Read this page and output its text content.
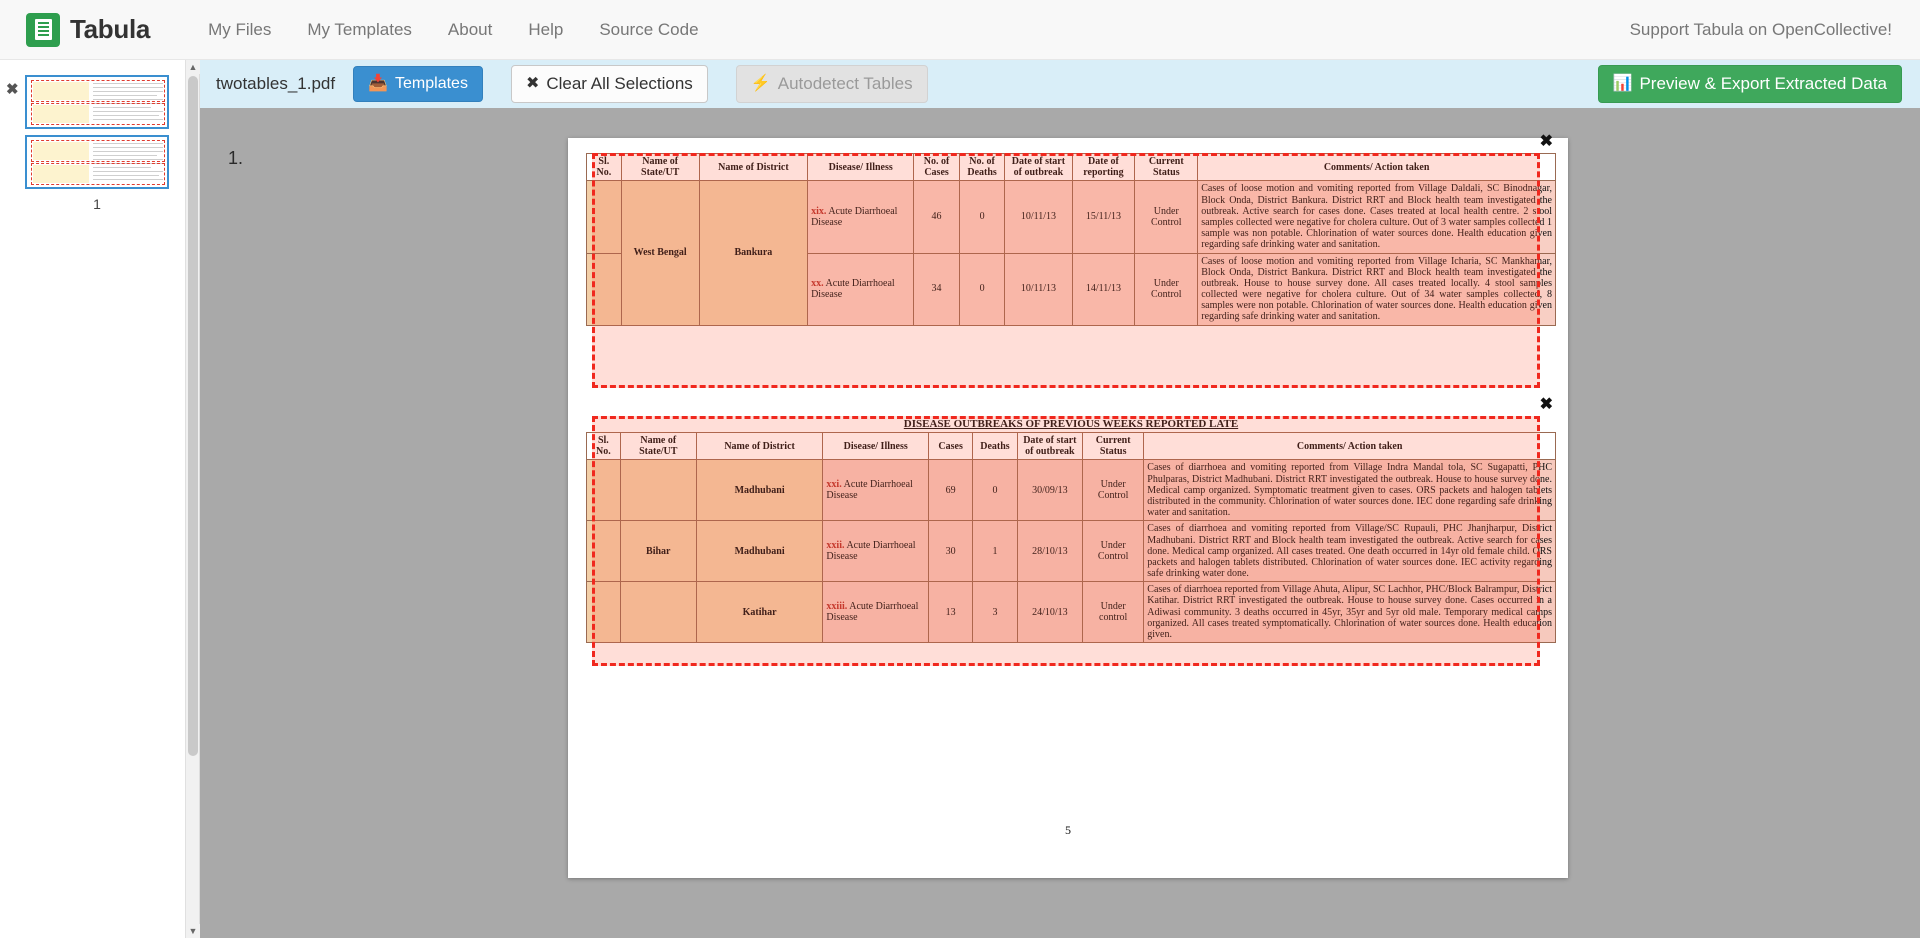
Tabula	My Files	My Templates	About	Help	Source Code	Support Tabula on OpenCollective!
✖
1
▲
▼
twotables_1.pdf 📥 Templates	✖ Clear All Selections	⚡ Autodetect Tables	📊 Preview & Export Extracted Data
1.	Sl. No.	Name of State/UT	Name of District	Disease/ Illness	No. of Cases	No. of Deaths	Date of start of outbreak	Date of reporting	Current Status	Comments/ Action taken
	West Bengal	Bankura	xix. Acute Diarrhoeal Disease	46	0	10/11/13	15/11/13	Under Control	Cases of loose motion and vomiting reported from Village Daldali, SC Binodnagar, Block Onda, District Bankura. District RRT and Block health team investigated the outbreak. Active search for cases done. Cases treated at local health centre. 2 stool samples collected were negative for cholera culture. Out of 3 water samples collected 1 sample was non potable. Chlorination of water sources done. Health education given regarding safe drinking water and sanitation.
			xx. Acute Diarrhoeal Disease	34	0	10/11/13	14/11/13	Under Control	Cases of loose motion and vomiting reported from Village Icharia, SC Mankhamar, Block Onda, District Bankura. District RRT and Block health team investigated the outbreak. House to house survey done. All cases treated locally. 4 stool samples collected were negative for cholera culture. Out of 34 water samples collected, 8 samples were non potable. Chlorination of water sources done. Health education given regarding safe drinking water and sanitation.
DISEASE OUTBREAKS OF PREVIOUS WEEKS REPORTED LATE
Sl. No.	Name of State/UT	Name of District	Disease/ Illness	Cases	Deaths	Date of start of outbreak	Current Status	Comments/ Action taken
		Madhubani	xxi. Acute Diarrhoeal Disease	69	0	30/09/13	Under Control	Cases of diarrhoea and vomiting reported from Village Indra Mandal tola, SC Sugapatti, PHC Phulparas, District Madhubani. District RRT investigated the outbreak. House to house survey done. Medical camp organized. Symptomatic treatment given to cases. ORS packets and halogen tablets distributed in the community. Chlorination of water sources done. IEC done regarding safe drinking water and sanitation.
	Bihar	Madhubani	xxii. Acute Diarrhoeal Disease	30	1	28/10/13	Under Control	Cases of diarrhoea and vomiting reported from Village/SC Rupauli, PHC Jhanjharpur, District Madhubani. District RRT and Block health team investigated the outbreak. Active search for cases done. Medical camp organized. All cases treated. One death occurred in 14yr old female child. ORS packets and halogen tablets distributed. Chlorination of water sources done. IEC activity regarding safe drinking water done.
		Katihar	xxiii. Acute Diarrhoeal Disease	13	3	24/10/13	Under control	Cases of diarrhoea reported from Village Ahuta, Alipur, SC Lachhor, PHC/Block Balrampur, District Katihar. District RRT investigated the outbreak. House to house survey done. Cases occurred in a Adiwasi community. 3 deaths occurred in 45yr, 35yr and 5yr old male. Temporary medical camps organized. All cases treated symptomatically. Chlorination of water sources done. Health education given.
✖
✖
5
